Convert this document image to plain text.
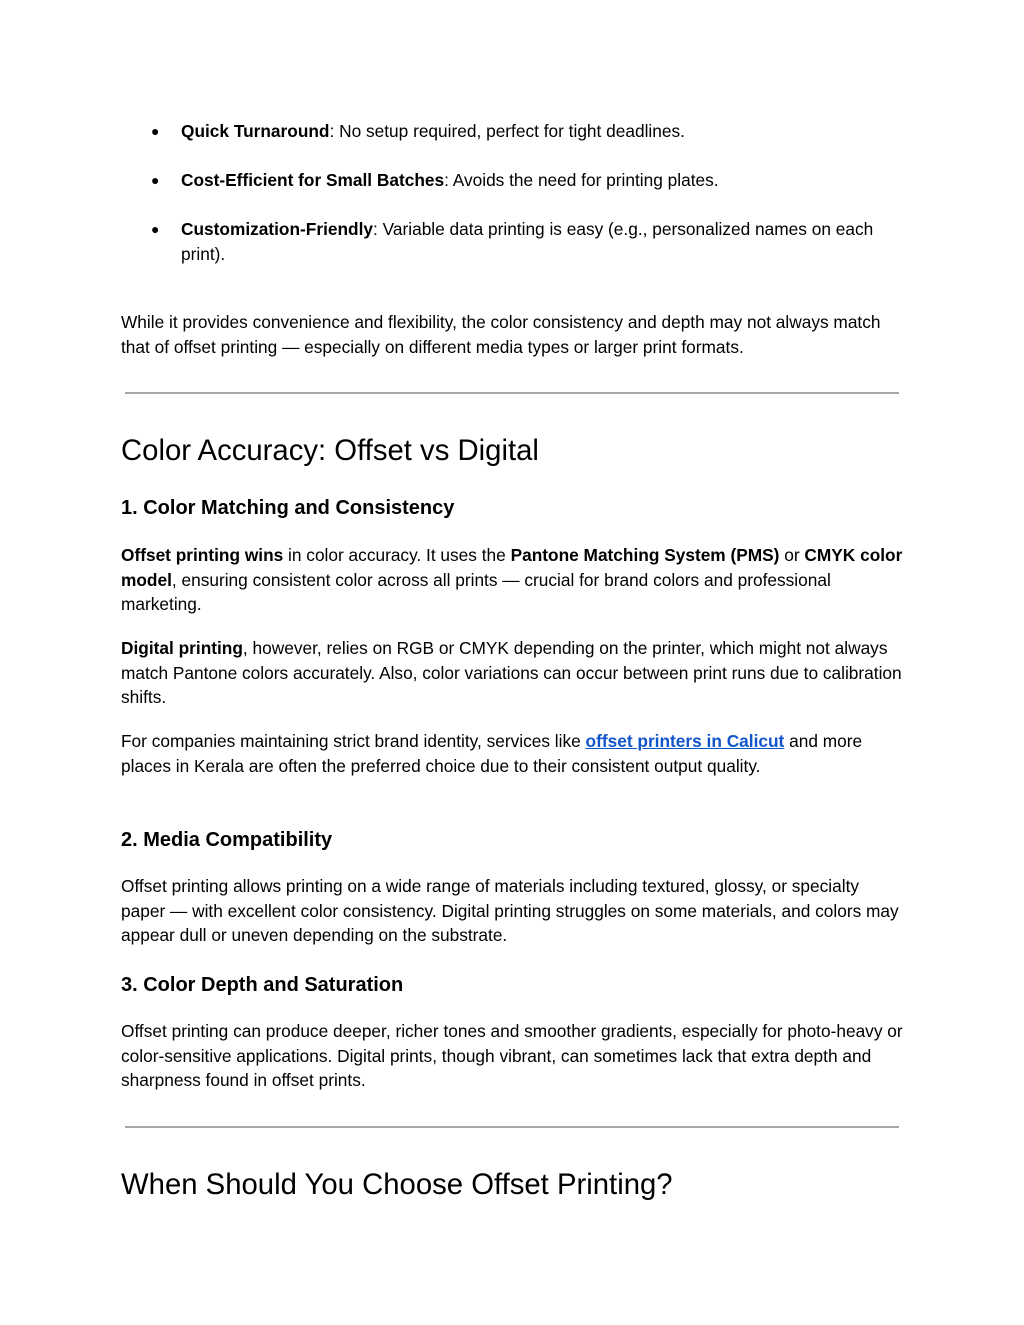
● Quick Turnaround: No setup required, perfect for tight deadlines.
● Cost-Efficient for Small Batches: Avoids the need for printing plates.
● Customization-Friendly: Variable data printing is easy (e.g., personalized names on each print).

While it provides convenience and flexibility, the color consistency and depth may not always match that of offset printing — especially on different media types or larger print formats.

Color Accuracy: Offset vs Digital
1. Color Matching and Consistency

Offset printing wins in color accuracy. It uses the Pantone Matching System (PMS) or CMYK color model, ensuring consistent color across all prints — crucial for brand colors and professional marketing.

Digital printing, however, relies on RGB or CMYK depending on the printer, which might not always match Pantone colors accurately. Also, color variations can occur between print runs due to calibration shifts.

For companies maintaining strict brand identity, services like offset printers in Calicut and more places in Kerala are often the preferred choice due to their consistent output quality.

2. Media Compatibility

Offset printing allows printing on a wide range of materials including textured, glossy, or specialty paper — with excellent color consistency. Digital printing struggles on some materials, and colors may appear dull or uneven depending on the substrate.

3. Color Depth and Saturation

Offset printing can produce deeper, richer tones and smoother gradients, especially for photo-heavy or color-sensitive applications. Digital prints, though vibrant, can sometimes lack that extra depth and sharpness found in offset prints.

When Should You Choose Offset Printing?
